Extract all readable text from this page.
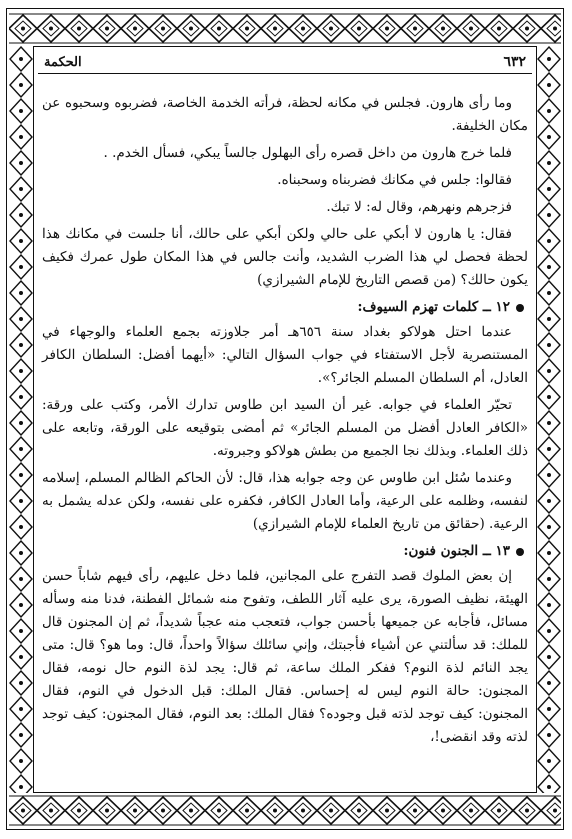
٦٣٢
الحكمة

وما رأى هارون. فجلس في مكانه لحظة، فرأته الخدمة الخاصة، فضربوه وسحبوه عن مكان الخليفة.

فلما خرج هارون من داخل قصره رأى البهلول جالساً يبكي، فسأل الخدم. .

فقالوا: جلس في مكانك فضربناه وسحبناه.

فزجرهم ونهرهم، وقال له: لا تبك.

فقال: يا هارون لا أبكي على حالي ولكن أبكي على حالك، أنا جلست في مكانك هذا لحظة فحصل لي هذا الضرب الشديد، وأنت جالس في هذا المكان طول عمرك فكيف يكون حالك؟ (من قصص التاريخ للإمام الشيرازي)

١٢ ــ كلمات تهزم السيوف:

عندما احتل هولاكو بغداد سنة ٦٥٦هـ أمر جلاوزته بجمع العلماء والوجهاء في المستنصرية لأجل الاستفتاء في جواب السؤال التالي: «أيهما أفضل: السلطان الكافر العادل، أم السلطان المسلم الجائر؟».

تحيّر العلماء في جوابه. غير أن السيد ابن طاوس تدارك الأمر، وكتب على ورقة: «الكافر العادل أفضل من المسلم الجائر» ثم أمضى بتوقيعه على الورقة، وتابعه على ذلك العلماء. وبذلك نجا الجميع من بطش هولاكو وجبروته.

وعندما سُئل ابن طاوس عن وجه جوابه هذا، قال: لأن الحاكم الظالم المسلم، إسلامه لنفسه، وظلمه على الرعية، وأما العادل الكافر، فكفره على نفسه، ولكن عدله يشمل به الرعية. (حقائق من تاريخ العلماء للإمام الشيرازي)

١٣ ــ الجنون فنون:

إن بعض الملوك قصد التفرج على المجانين، فلما دخل عليهم، رأى فيهم شاباً حسن الهيئة، نظيف الصورة، يرى عليه آثار اللطف، وتفوح منه شمائل الفطنة، فدنا منه وسأله مسائل، فأجابه عن جميعها بأحسن جواب، فتعجب منه عجباً شديداً، ثم إن المجنون قال للملك: قد سألتني عن أشياء فأجبتك، وإني سائلك سؤالاً واحداً، قال: وما هو؟ قال: متى يجد النائم لذة النوم؟ ففكر الملك ساعة، ثم قال: يجد لذة النوم حال نومه، فقال المجنون: حالة النوم ليس له إحساس. فقال الملك: قبل الدخول في النوم، فقال المجنون: كيف توجد لذته قبل وجوده؟ فقال الملك: بعد النوم، فقال المجنون: كيف توجد لذته وقد انقضى!،
